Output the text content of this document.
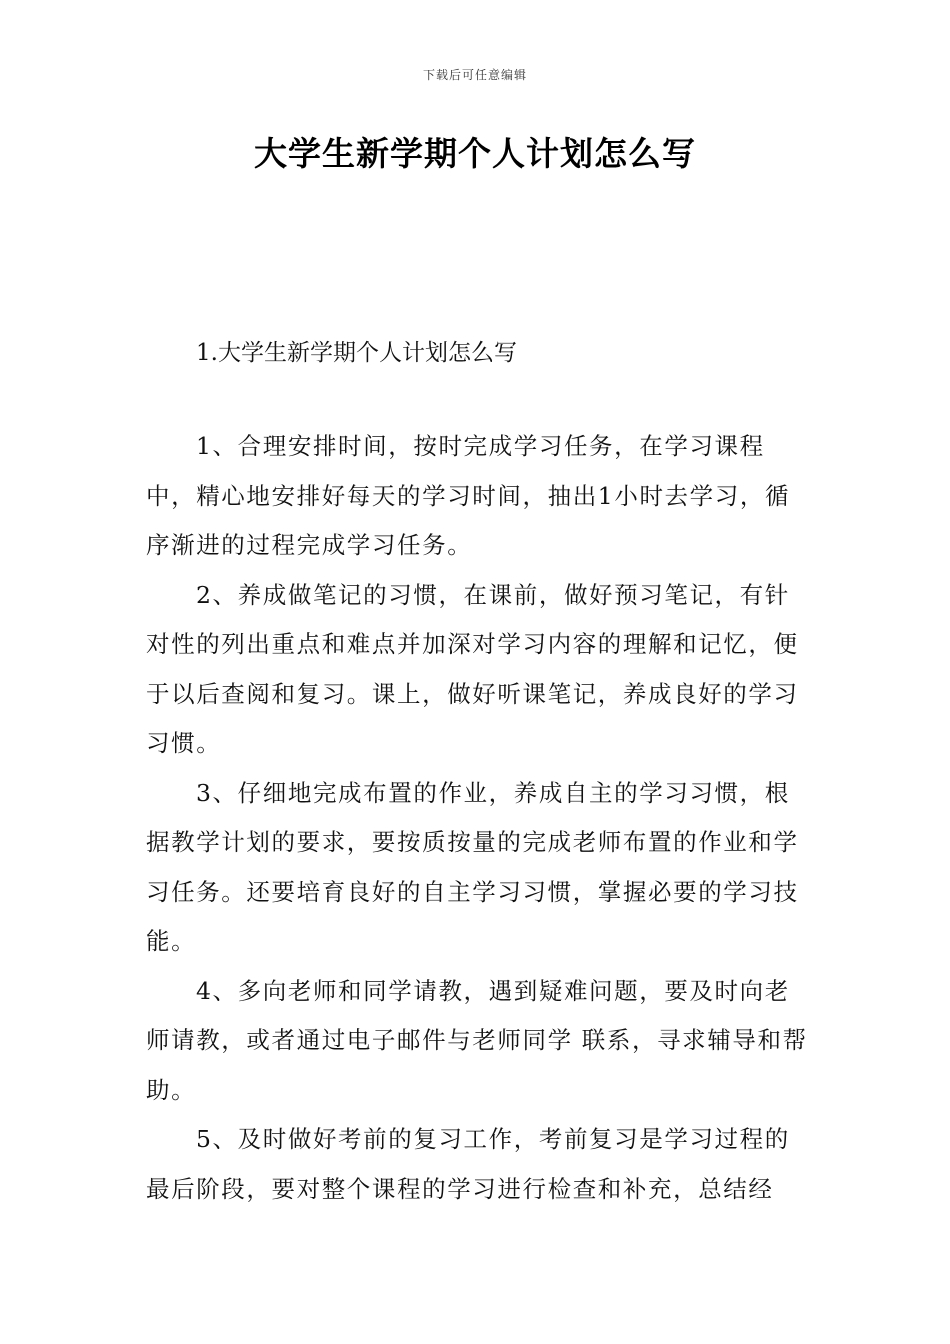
下载后可任意编辑
大学生新学期个人计划怎么写
1.大学生新学期个人计划怎么写

1、合理安排时间，按时完成学习任务，在学习课程中，精心地安排好每天的学习时间，抽出1小时去学习，循序渐进的过程完成学习任务。

2、养成做笔记的习惯，在课前，做好预习笔记，有针对性的列出重点和难点并加深对学习内容的理解和记忆，便于以后查阅和复习。课上，做好听课笔记，养成良好的学习习惯。

3、仔细地完成布置的作业，养成自主的学习习惯，根据教学计划的要求，要按质按量的完成老师布置的作业和学习任务。还要培育良好的自主学习习惯，掌握必要的学习技能。

4、多向老师和同学请教，遇到疑难问题，要及时向老师请教，或者通过电子邮件与老师同学 联系，寻求辅导和帮助。

5、及时做好考前的复习工作，考前复习是学习过程的最后阶段，要对整个课程的学习进行检查和补充，总结经
